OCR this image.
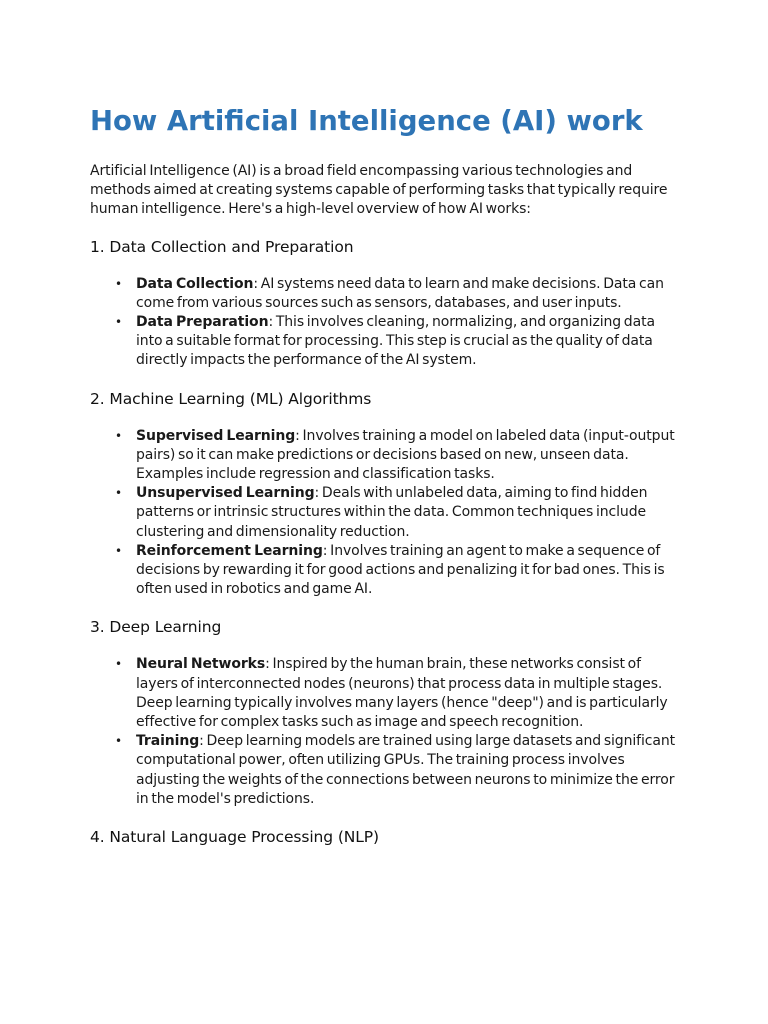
How Artificial Intelligence (AI) work

Artificial Intelligence (AI) is a broad field encompassing various technologies and methods aimed at creating systems capable of performing tasks that typically require human intelligence. Here's a high-level overview of how AI works:

1. Data Collection and Preparation
• Data Collection: AI systems need data to learn and make decisions. Data can come from various sources such as sensors, databases, and user inputs.
• Data Preparation: This involves cleaning, normalizing, and organizing data into a suitable format for processing. This step is crucial as the quality of data directly impacts the performance of the AI system.
2. Machine Learning (ML) Algorithms
• Supervised Learning: Involves training a model on labeled data (input-output pairs) so it can make predictions or decisions based on new, unseen data. Examples include regression and classification tasks.
• Unsupervised Learning: Deals with unlabeled data, aiming to find hidden patterns or intrinsic structures within the data. Common techniques include clustering and dimensionality reduction.
• Reinforcement Learning: Involves training an agent to make a sequence of decisions by rewarding it for good actions and penalizing it for bad ones. This is often used in robotics and game AI.
3. Deep Learning
• Neural Networks: Inspired by the human brain, these networks consist of layers of interconnected nodes (neurons) that process data in multiple stages. Deep learning typically involves many layers (hence "deep") and is particularly effective for complex tasks such as image and speech recognition.
• Training: Deep learning models are trained using large datasets and significant computational power, often utilizing GPUs. The training process involves adjusting the weights of the connections between neurons to minimize the error in the model's predictions.
4. Natural Language Processing (NLP)
